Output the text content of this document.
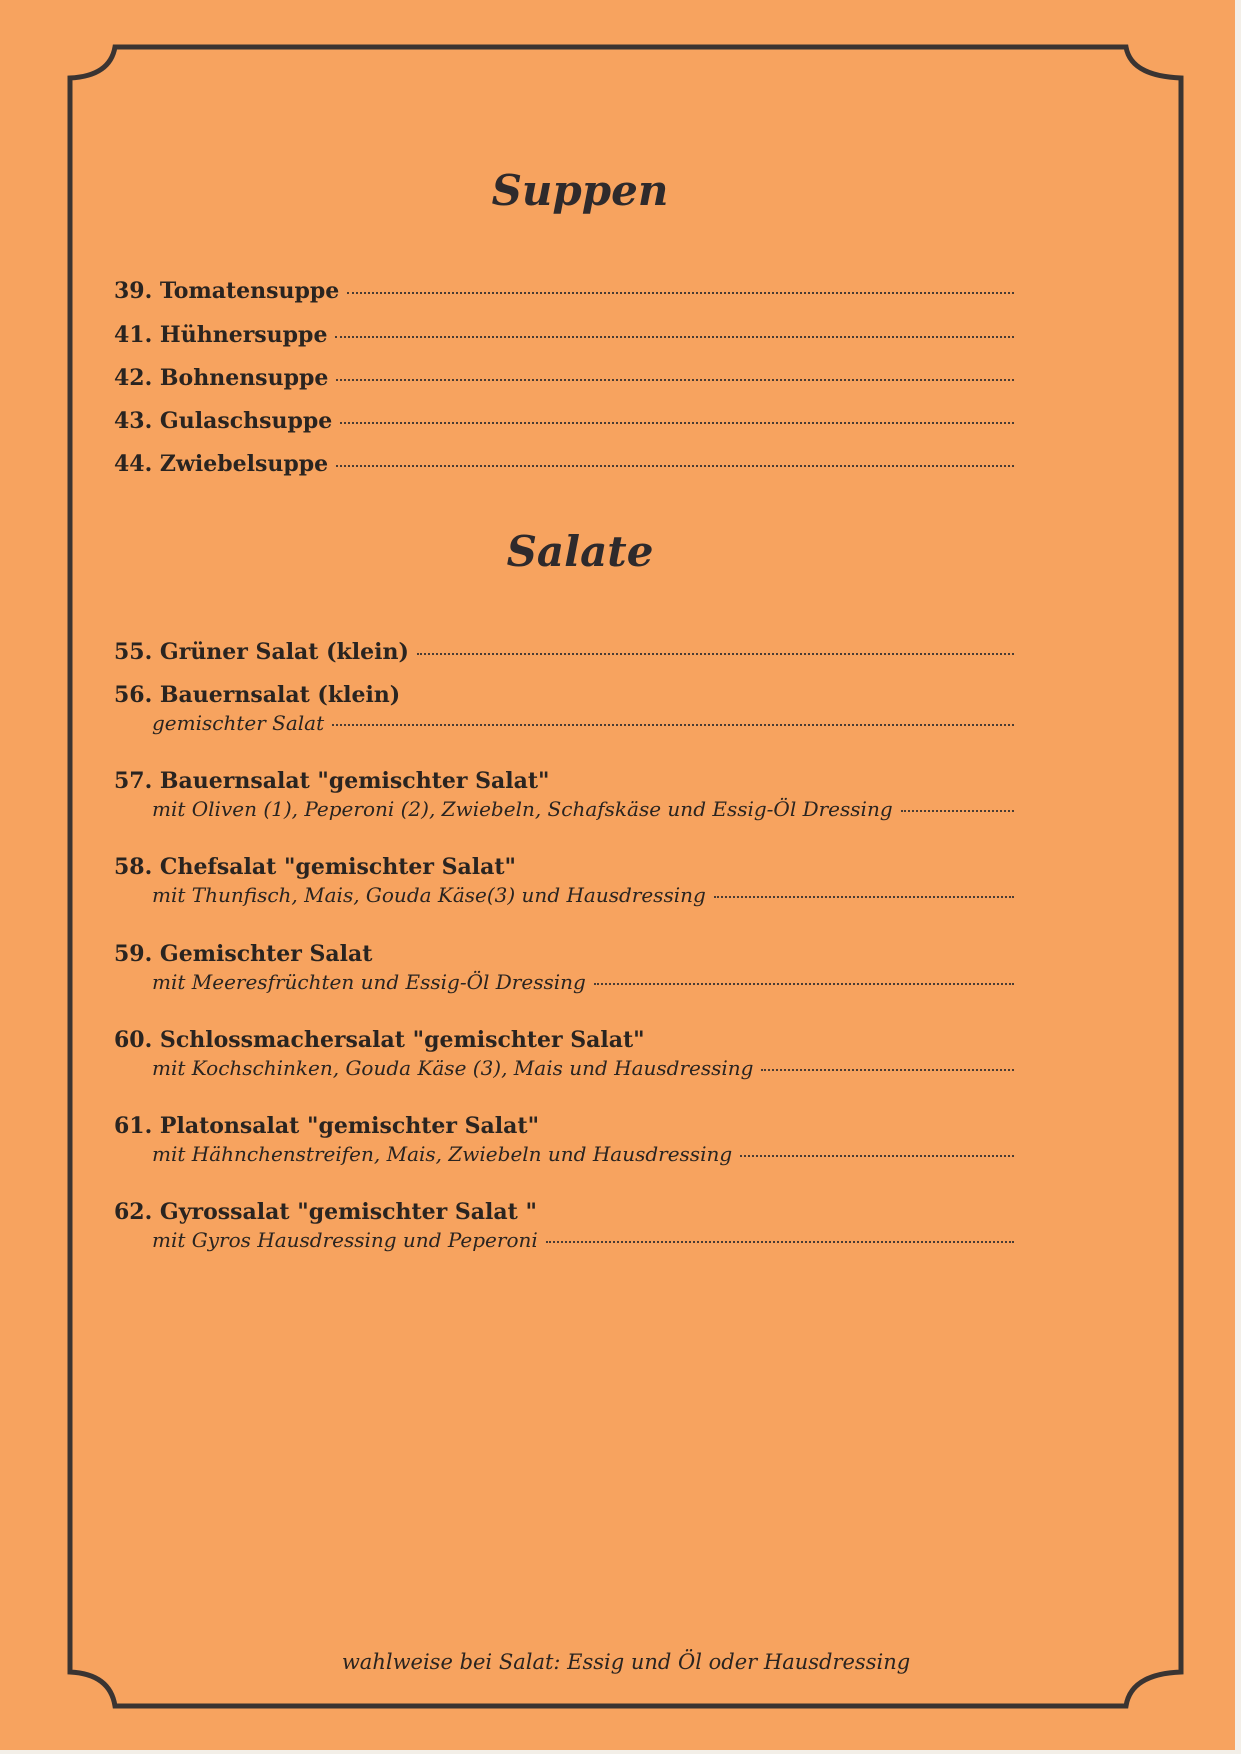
Suppen
39. Tomatensuppe
41. Hühnersuppe
42. Bohnensuppe
43. Gulaschsuppe
44. Zwiebelsuppe
Salate
55. Grüner Salat (klein)
56. Bauernsalat (klein)
gemischter Salat
57. Bauernsalat "gemischter Salat"
mit Oliven (1), Peperoni (2), Zwiebeln, Schafskäse und Essig-Öl Dressing
58. Chefsalat "gemischter Salat"
mit Thunfisch, Mais, Gouda Käse(3) und Hausdressing
59. Gemischter Salat
mit Meeresfrüchten und Essig-Öl Dressing
60. Schlossmachersalat "gemischter Salat"
mit Kochschinken, Gouda Käse (3), Mais und Hausdressing
61. Platonsalat "gemischter Salat"
mit Hähnchenstreifen, Mais, Zwiebeln und Hausdressing
62. Gyrossalat "gemischter Salat "
mit Gyros Hausdressing und Peperoni
wahlweise bei Salat: Essig und Öl oder Hausdressing
